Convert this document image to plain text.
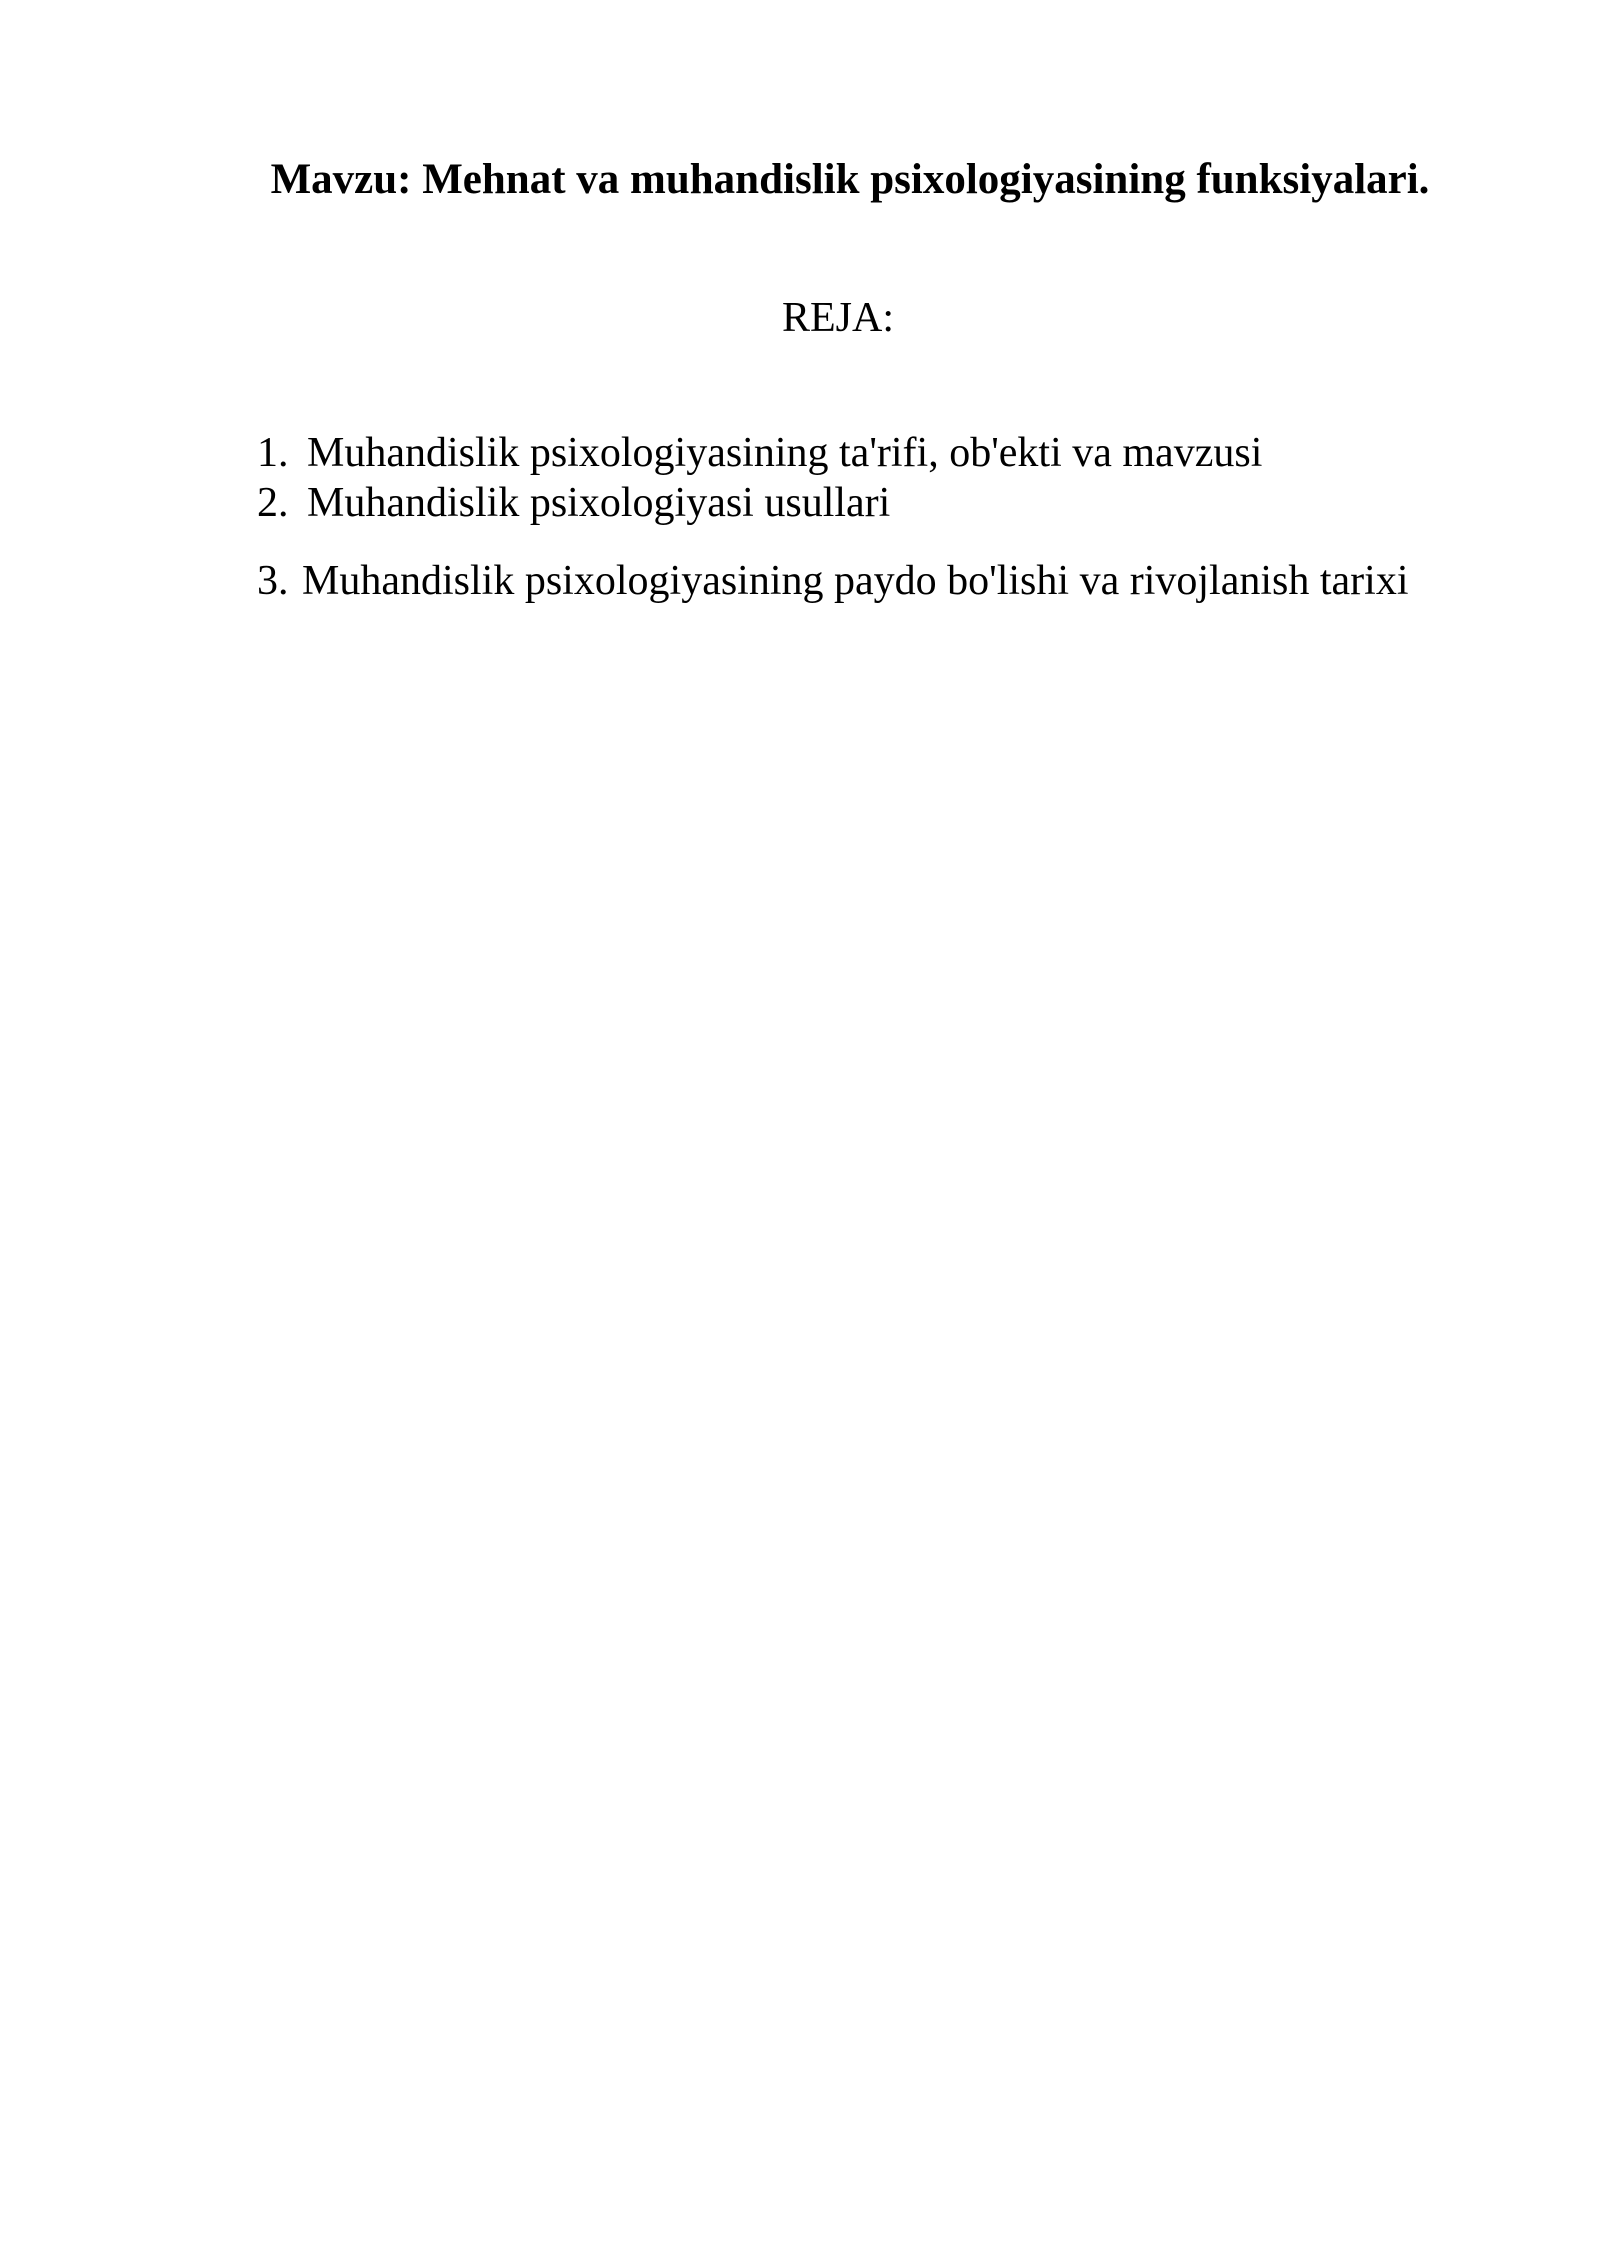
Mavzu: Mehnat va muhandislik psixologiyasining funksiyalari.
REJA:
1. Muhandislik psixologiyasining ta'rifi, ob'ekti va mavzusi
2. Muhandislik psixologiyasi usullari
3. Muhandislik psixologiyasining paydo bo'lishi va rivojlanish tarixi
